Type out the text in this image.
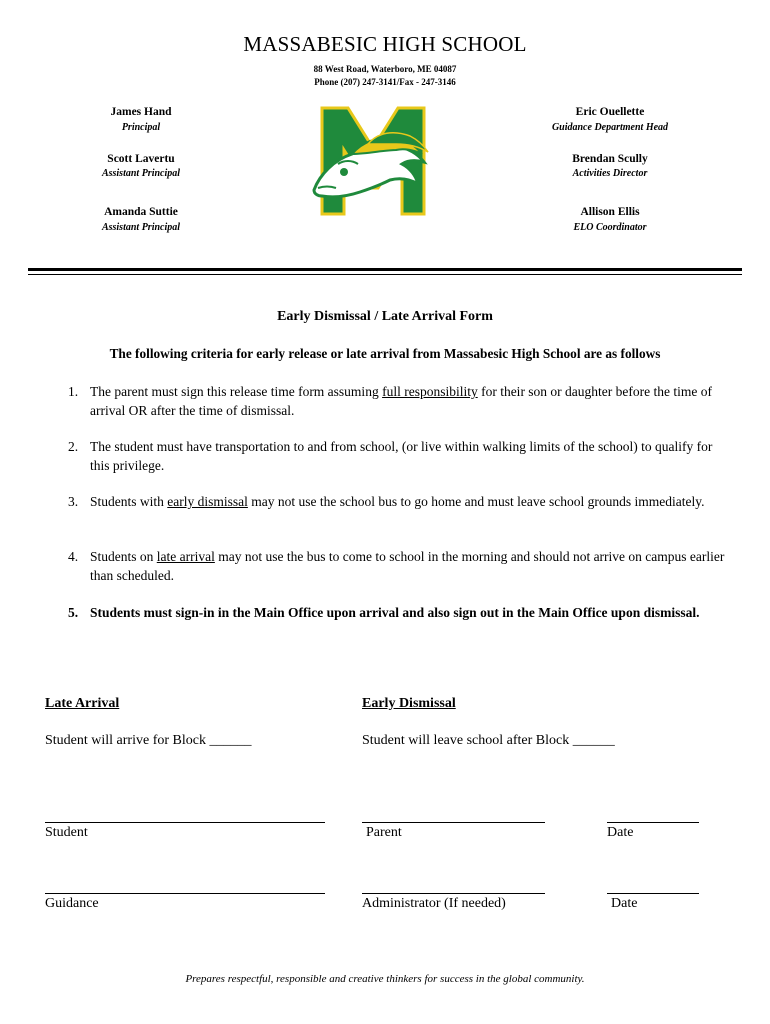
MASSABESIC HIGH SCHOOL
88 West Road, Waterboro, ME 04087
Phone (207) 247-3141/Fax - 247-3146
James Hand
Principal
Scott Lavertu
Assistant Principal
Amanda Suttie
Assistant Principal
Eric Ouellette
Guidance Department Head
Brendan Scully
Activities Director
Allison Ellis
ELO Coordinator
Early Dismissal / Late Arrival Form
The following criteria for early release or late arrival from Massabesic High School are as follows
1. The parent must sign this release time form assuming full responsibility for their son or daughter before the time of arrival OR after the time of dismissal.
2. The student must have transportation to and from school, (or live within walking limits of the school) to qualify for this privilege.
3. Students with early dismissal may not use the school bus to go home and must leave school grounds immediately.
4. Students on late arrival may not use the bus to come to school in the morning and should not arrive on campus earlier than scheduled.
5. Students must sign-in in the Main Office upon arrival and also sign out in the Main Office upon dismissal.
Late Arrival	Early Dismissal
Student will arrive for Block ______	Student will leave school after Block ______
Student	Parent	Date
Guidance	Administrator (If needed)	Date
Prepares respectful, responsible and creative thinkers for success in the global community.
